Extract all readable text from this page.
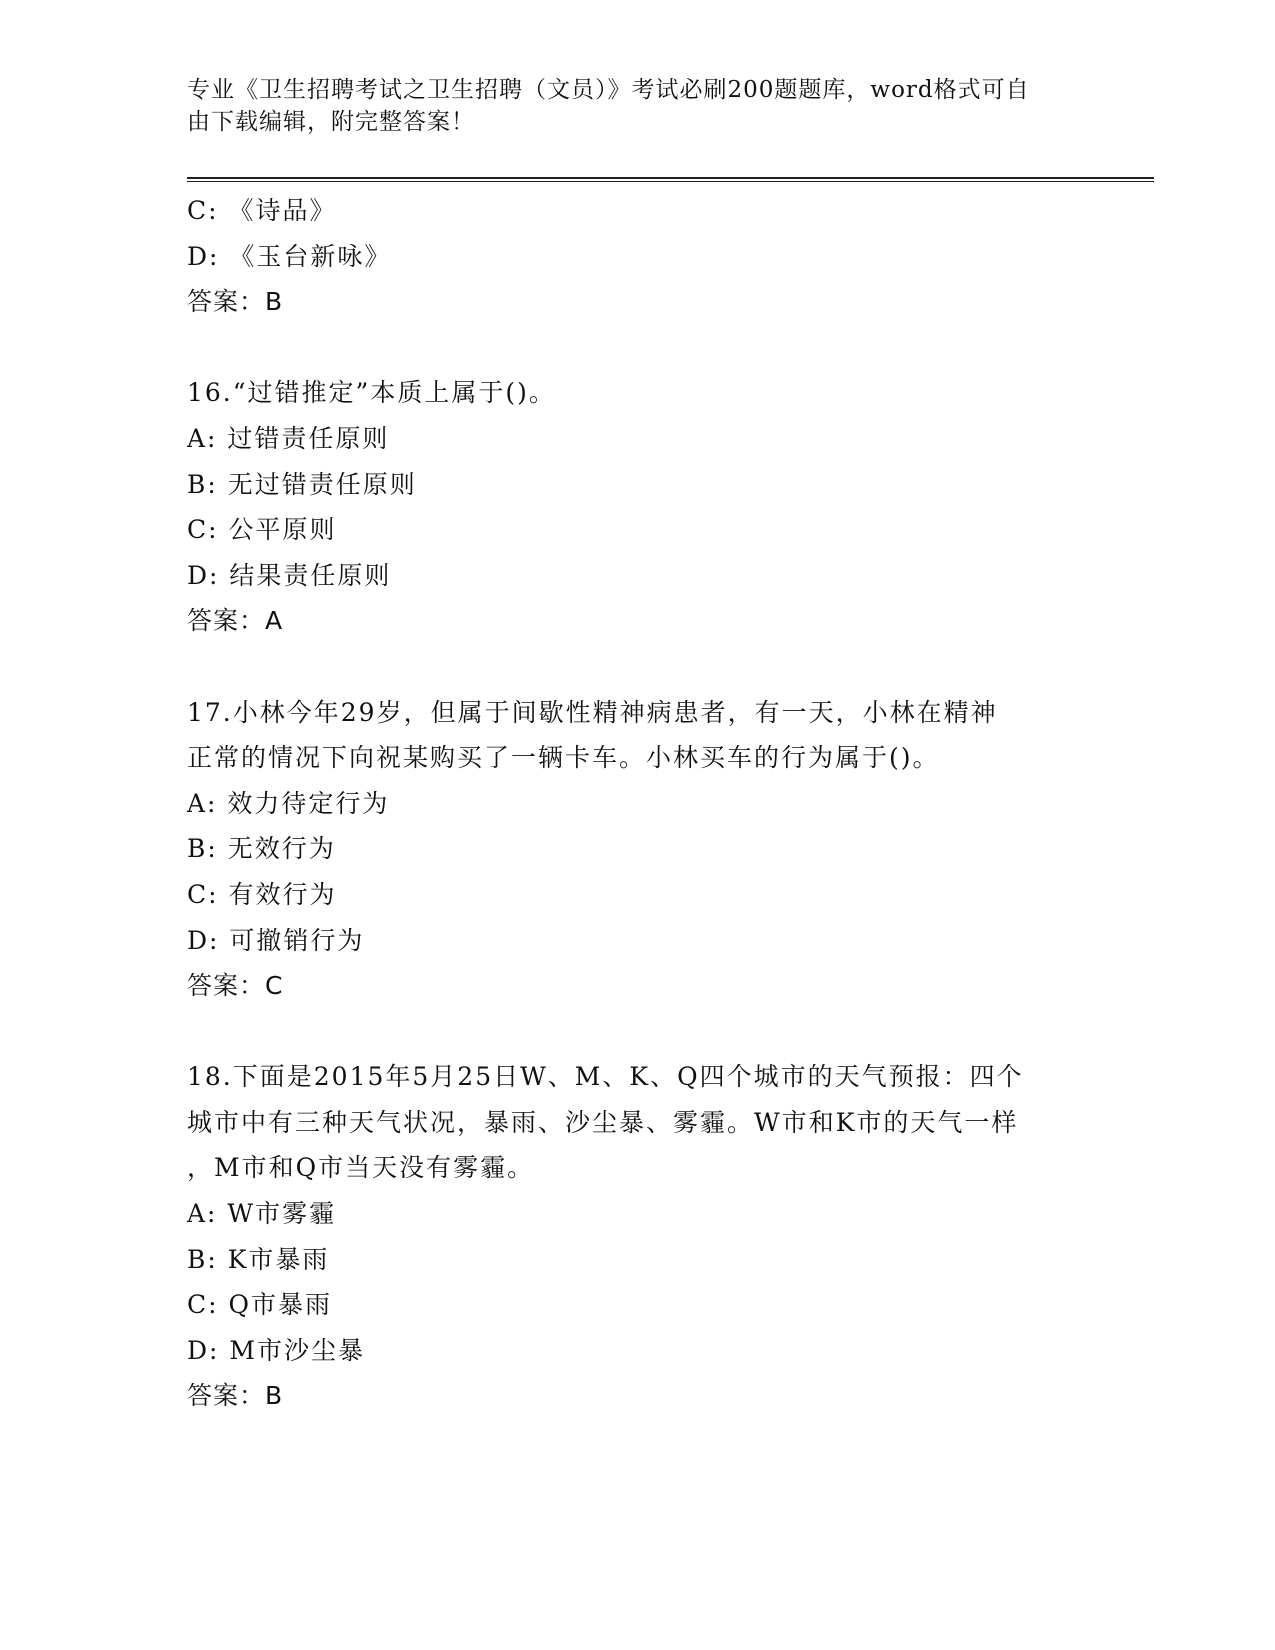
专业《卫生招聘考试之卫生招聘（文员）》考试必刷200题题库，word格式可自
由下载编辑，附完整答案！
C: 《诗品》
D: 《玉台新咏》
答案：B
16.“过错推定”本质上属于()。
A: 过错责任原则
B: 无过错责任原则
C: 公平原则
D: 结果责任原则
答案：A
17.小林今年29岁，但属于间歇性精神病患者，有一天，小林在精神
正常的情况下向祝某购买了一辆卡车。小林买车的行为属于()。
A: 效力待定行为
B: 无效行为
C: 有效行为
D: 可撤销行为
答案：C
18.下面是2015年5月25日W、M、K、Q四个城市的天气预报：四个
城市中有三种天气状况，暴雨、沙尘暴、雾霾。W市和K市的天气一样
，M市和Q市当天没有雾霾。
A: W市雾霾
B: K市暴雨
C: Q市暴雨
D: M市沙尘暴
答案：B
